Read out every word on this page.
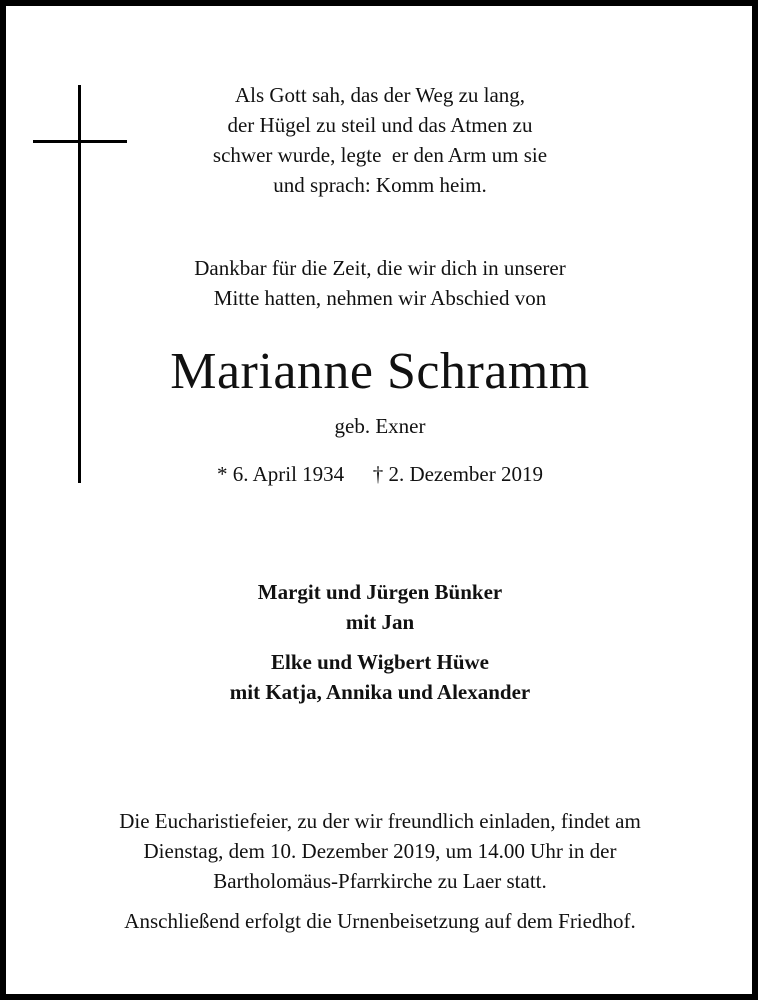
Als Gott sah, das der Weg zu lang,
der Hügel zu steil und das Atmen zu
schwer wurde, legte  er den Arm um sie
und sprach: Komm heim.
Dankbar für die Zeit, die wir dich in unserer
Mitte hatten, nehmen wir Abschied von
Marianne Schramm
geb. Exner
* 6. April 1934 † 2. Dezember 2019
Margit und Jürgen Bünker
mit Jan
Elke und Wigbert Hüwe
mit Katja, Annika und Alexander
Die Eucharistiefeier, zu der wir freundlich einladen, findet am
Dienstag, dem 10. Dezember 2019, um 14.00 Uhr in der
Bartholomäus-Pfarrkirche zu Laer statt.
Anschließend erfolgt die Urnenbeisetzung auf dem Friedhof.
